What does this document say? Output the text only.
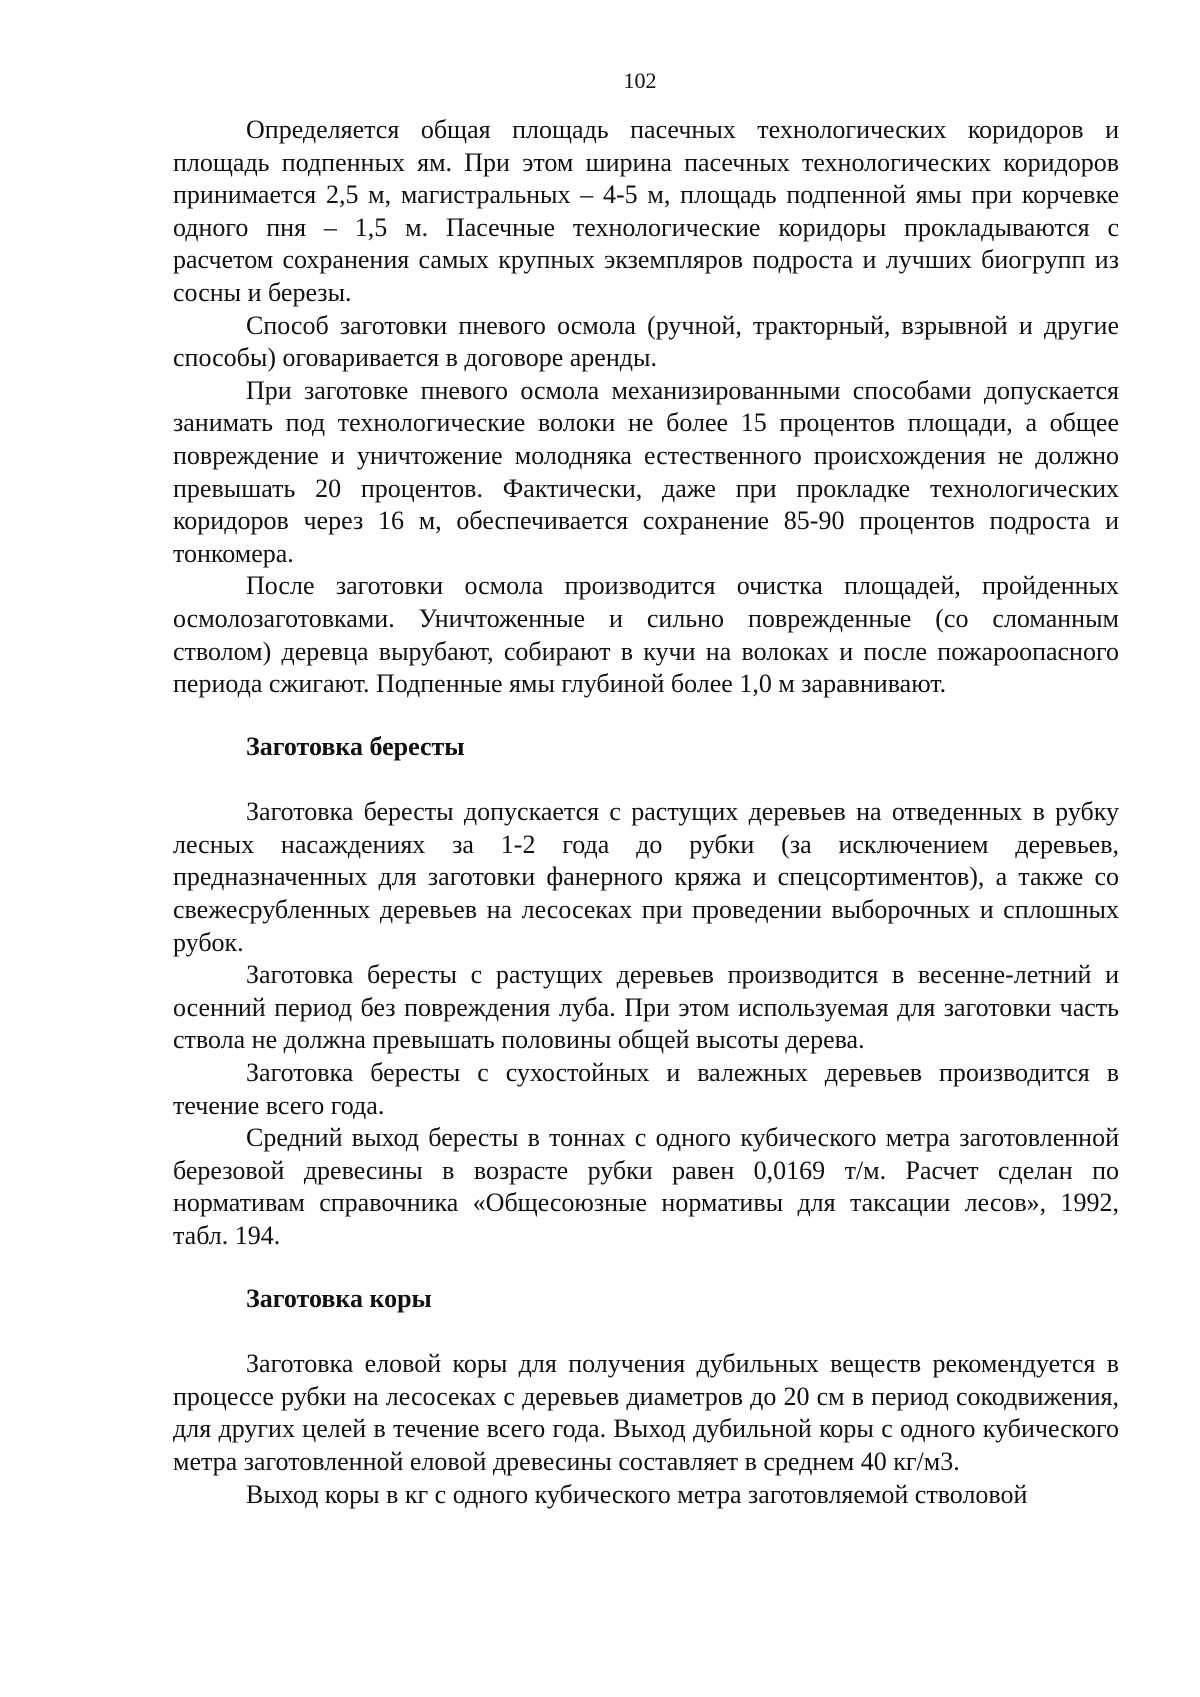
102

Определяется общая площадь пасечных технологических коридоров и площадь подпенных ям. При этом ширина пасечных технологических коридоров принимается 2,5 м, магистральных – 4-5 м, площадь подпенной ямы при корчевке одного пня – 1,5 м. Пасечные технологические коридоры прокладываются с расчетом сохранения самых крупных экземпляров подроста и лучших биогрупп из сосны и березы.

Способ заготовки пневого осмола (ручной, тракторный, взрывной и другие способы) оговаривается в договоре аренды.

При заготовке пневого осмола механизированными способами допускается занимать под технологические волоки не более 15 процентов площади, а общее повреждение и уничтожение молодняка естественного происхождения не должно превышать 20 процентов. Фактически, даже при прокладке технологических коридоров через 16 м, обеспечивается сохранение 85-90 процентов подроста и тонкомера.

После заготовки осмола производится очистка площадей, пройденных осмолозаготовками. Уничтоженные и сильно поврежденные (со сломанным стволом) деревца вырубают, собирают в кучи на волоках и после пожароопасного периода сжигают. Подпенные ямы глубиной более 1,0 м заравнивают.

Заготовка бересты

Заготовка бересты допускается с растущих деревьев на отведенных в рубку лесных насаждениях за 1-2 года до рубки (за исключением деревьев, предназначенных для заготовки фанерного кряжа и спецсортиментов), а также со свежесрубленных деревьев на лесосеках при проведении выборочных и сплошных рубок.

Заготовка бересты с растущих деревьев производится в весенне-летний и осенний период без повреждения луба. При этом используемая для заготовки часть ствола не должна превышать половины общей высоты дерева.

Заготовка бересты с сухостойных и валежных деревьев производится в течение всего года.

Средний выход бересты в тоннах с одного кубического метра заготовленной березовой древесины в возрасте рубки равен 0,0169 т/м. Расчет сделан по нормативам справочника «Общесоюзные нормативы для таксации лесов», 1992, табл. 194.

Заготовка коры

Заготовка еловой коры для получения дубильных веществ рекомендуется в процессе рубки на лесосеках с деревьев диаметров до 20 см в период сокодвижения, для других целей в течение всего года. Выход дубильной коры с одного кубического метра заготовленной еловой древесины составляет в среднем 40 кг/м3.

Выход коры в кг с одного кубического метра заготовляемой стволовой
